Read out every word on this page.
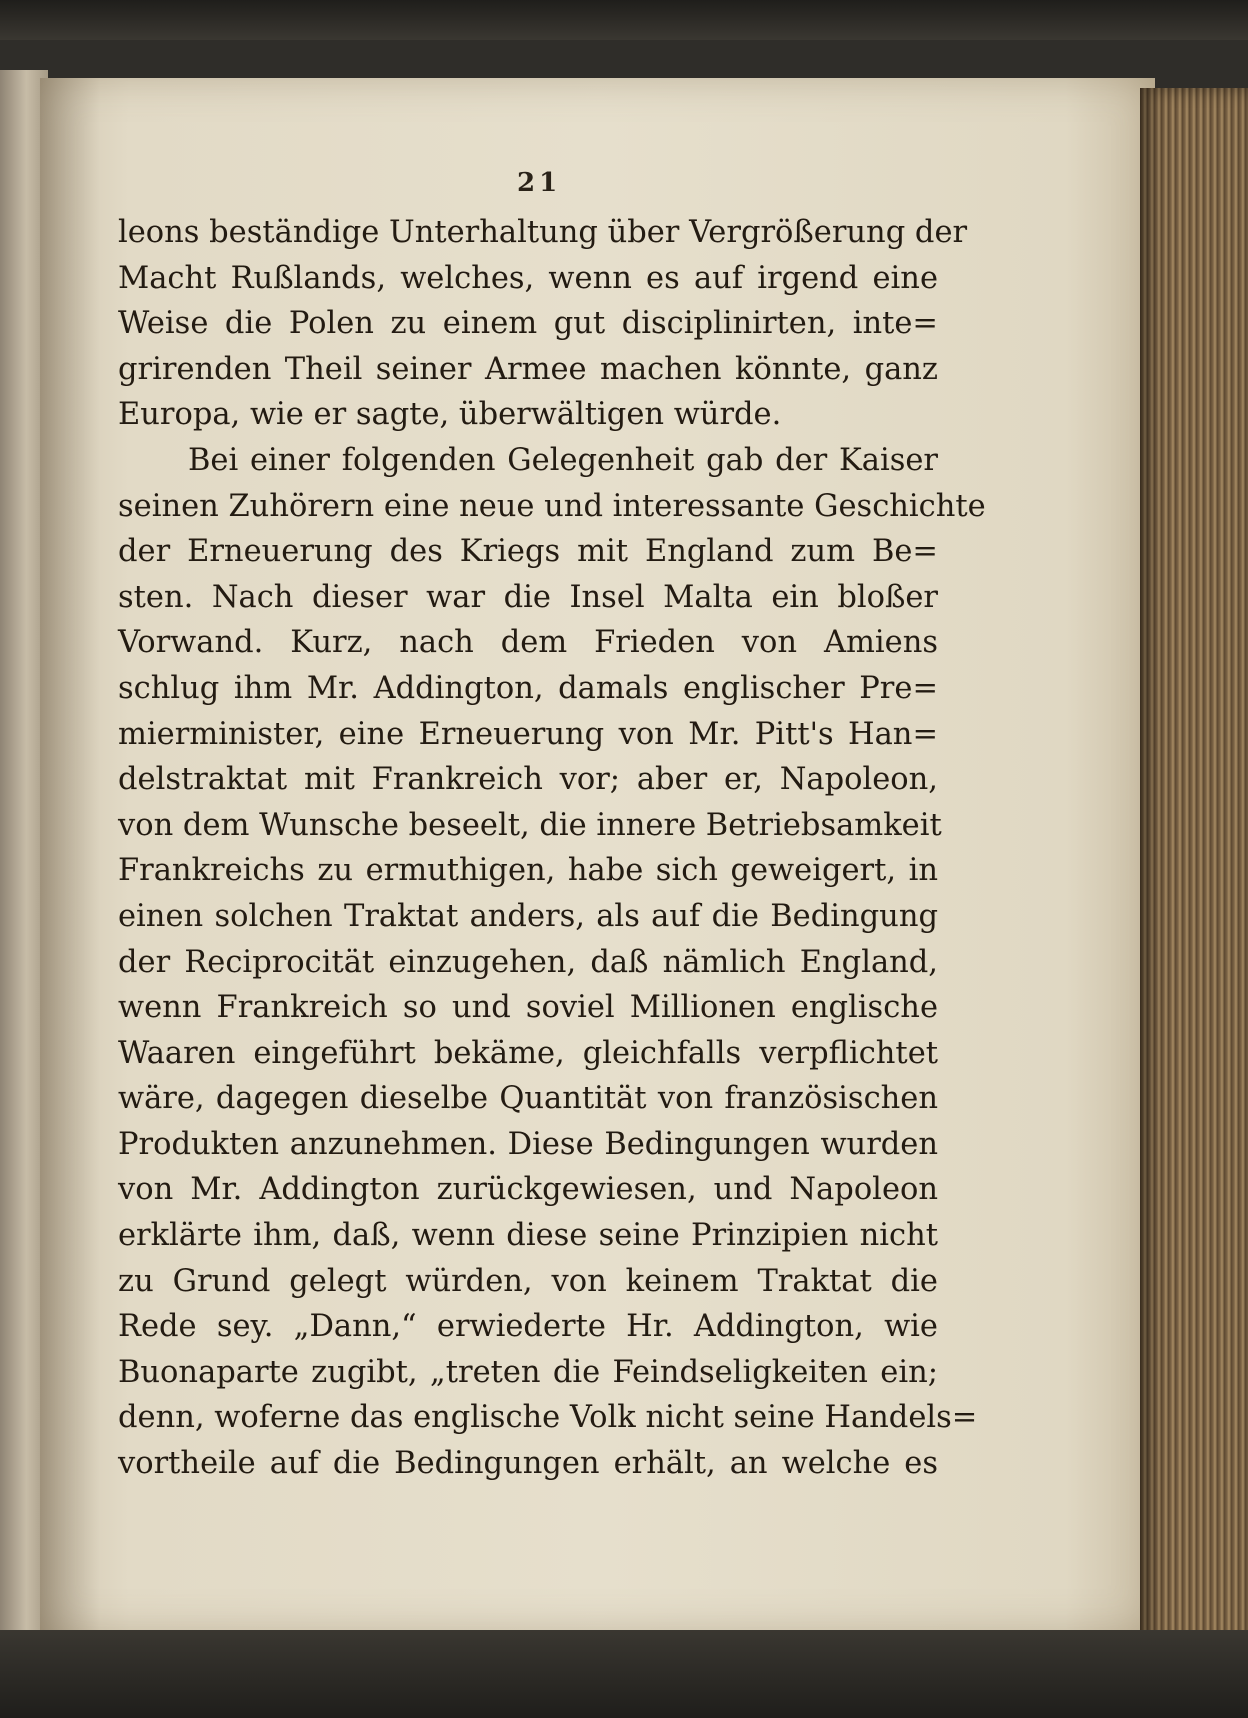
21
leons beständige Unterhaltung über Vergrößerung der
Macht Rußlands, welches, wenn es auf irgend eine
Weise die Polen zu einem gut disciplinirten, inte=
grirenden Theil seiner Armee machen könnte, ganz
Europa, wie er sagte, überwältigen würde.
Bei einer folgenden Gelegenheit gab der Kaiser
seinen Zuhörern eine neue und interessante Geschichte
der Erneuerung des Kriegs mit England zum Be=
sten. Nach dieser war die Insel Malta ein bloßer
Vorwand. Kurz, nach dem Frieden von Amiens
schlug ihm Mr. Addington, damals englischer Pre=
mierminister, eine Erneuerung von Mr. Pitt's Han=
delstraktat mit Frankreich vor; aber er, Napoleon,
von dem Wunsche beseelt, die innere Betriebsamkeit
Frankreichs zu ermuthigen, habe sich geweigert, in
einen solchen Traktat anders, als auf die Bedingung
der Reciprocität einzugehen, daß nämlich England,
wenn Frankreich so und soviel Millionen englische
Waaren eingeführt bekäme, gleichfalls verpflichtet
wäre, dagegen dieselbe Quantität von französischen
Produkten anzunehmen. Diese Bedingungen wurden
von Mr. Addington zurückgewiesen, und Napoleon
erklärte ihm, daß, wenn diese seine Prinzipien nicht
zu Grund gelegt würden, von keinem Traktat die
Rede sey. „Dann,“ erwiederte Hr. Addington, wie
Buonaparte zugibt, „treten die Feindseligkeiten ein;
denn, woferne das englische Volk nicht seine Handels=
vortheile auf die Bedingungen erhält, an welche es
